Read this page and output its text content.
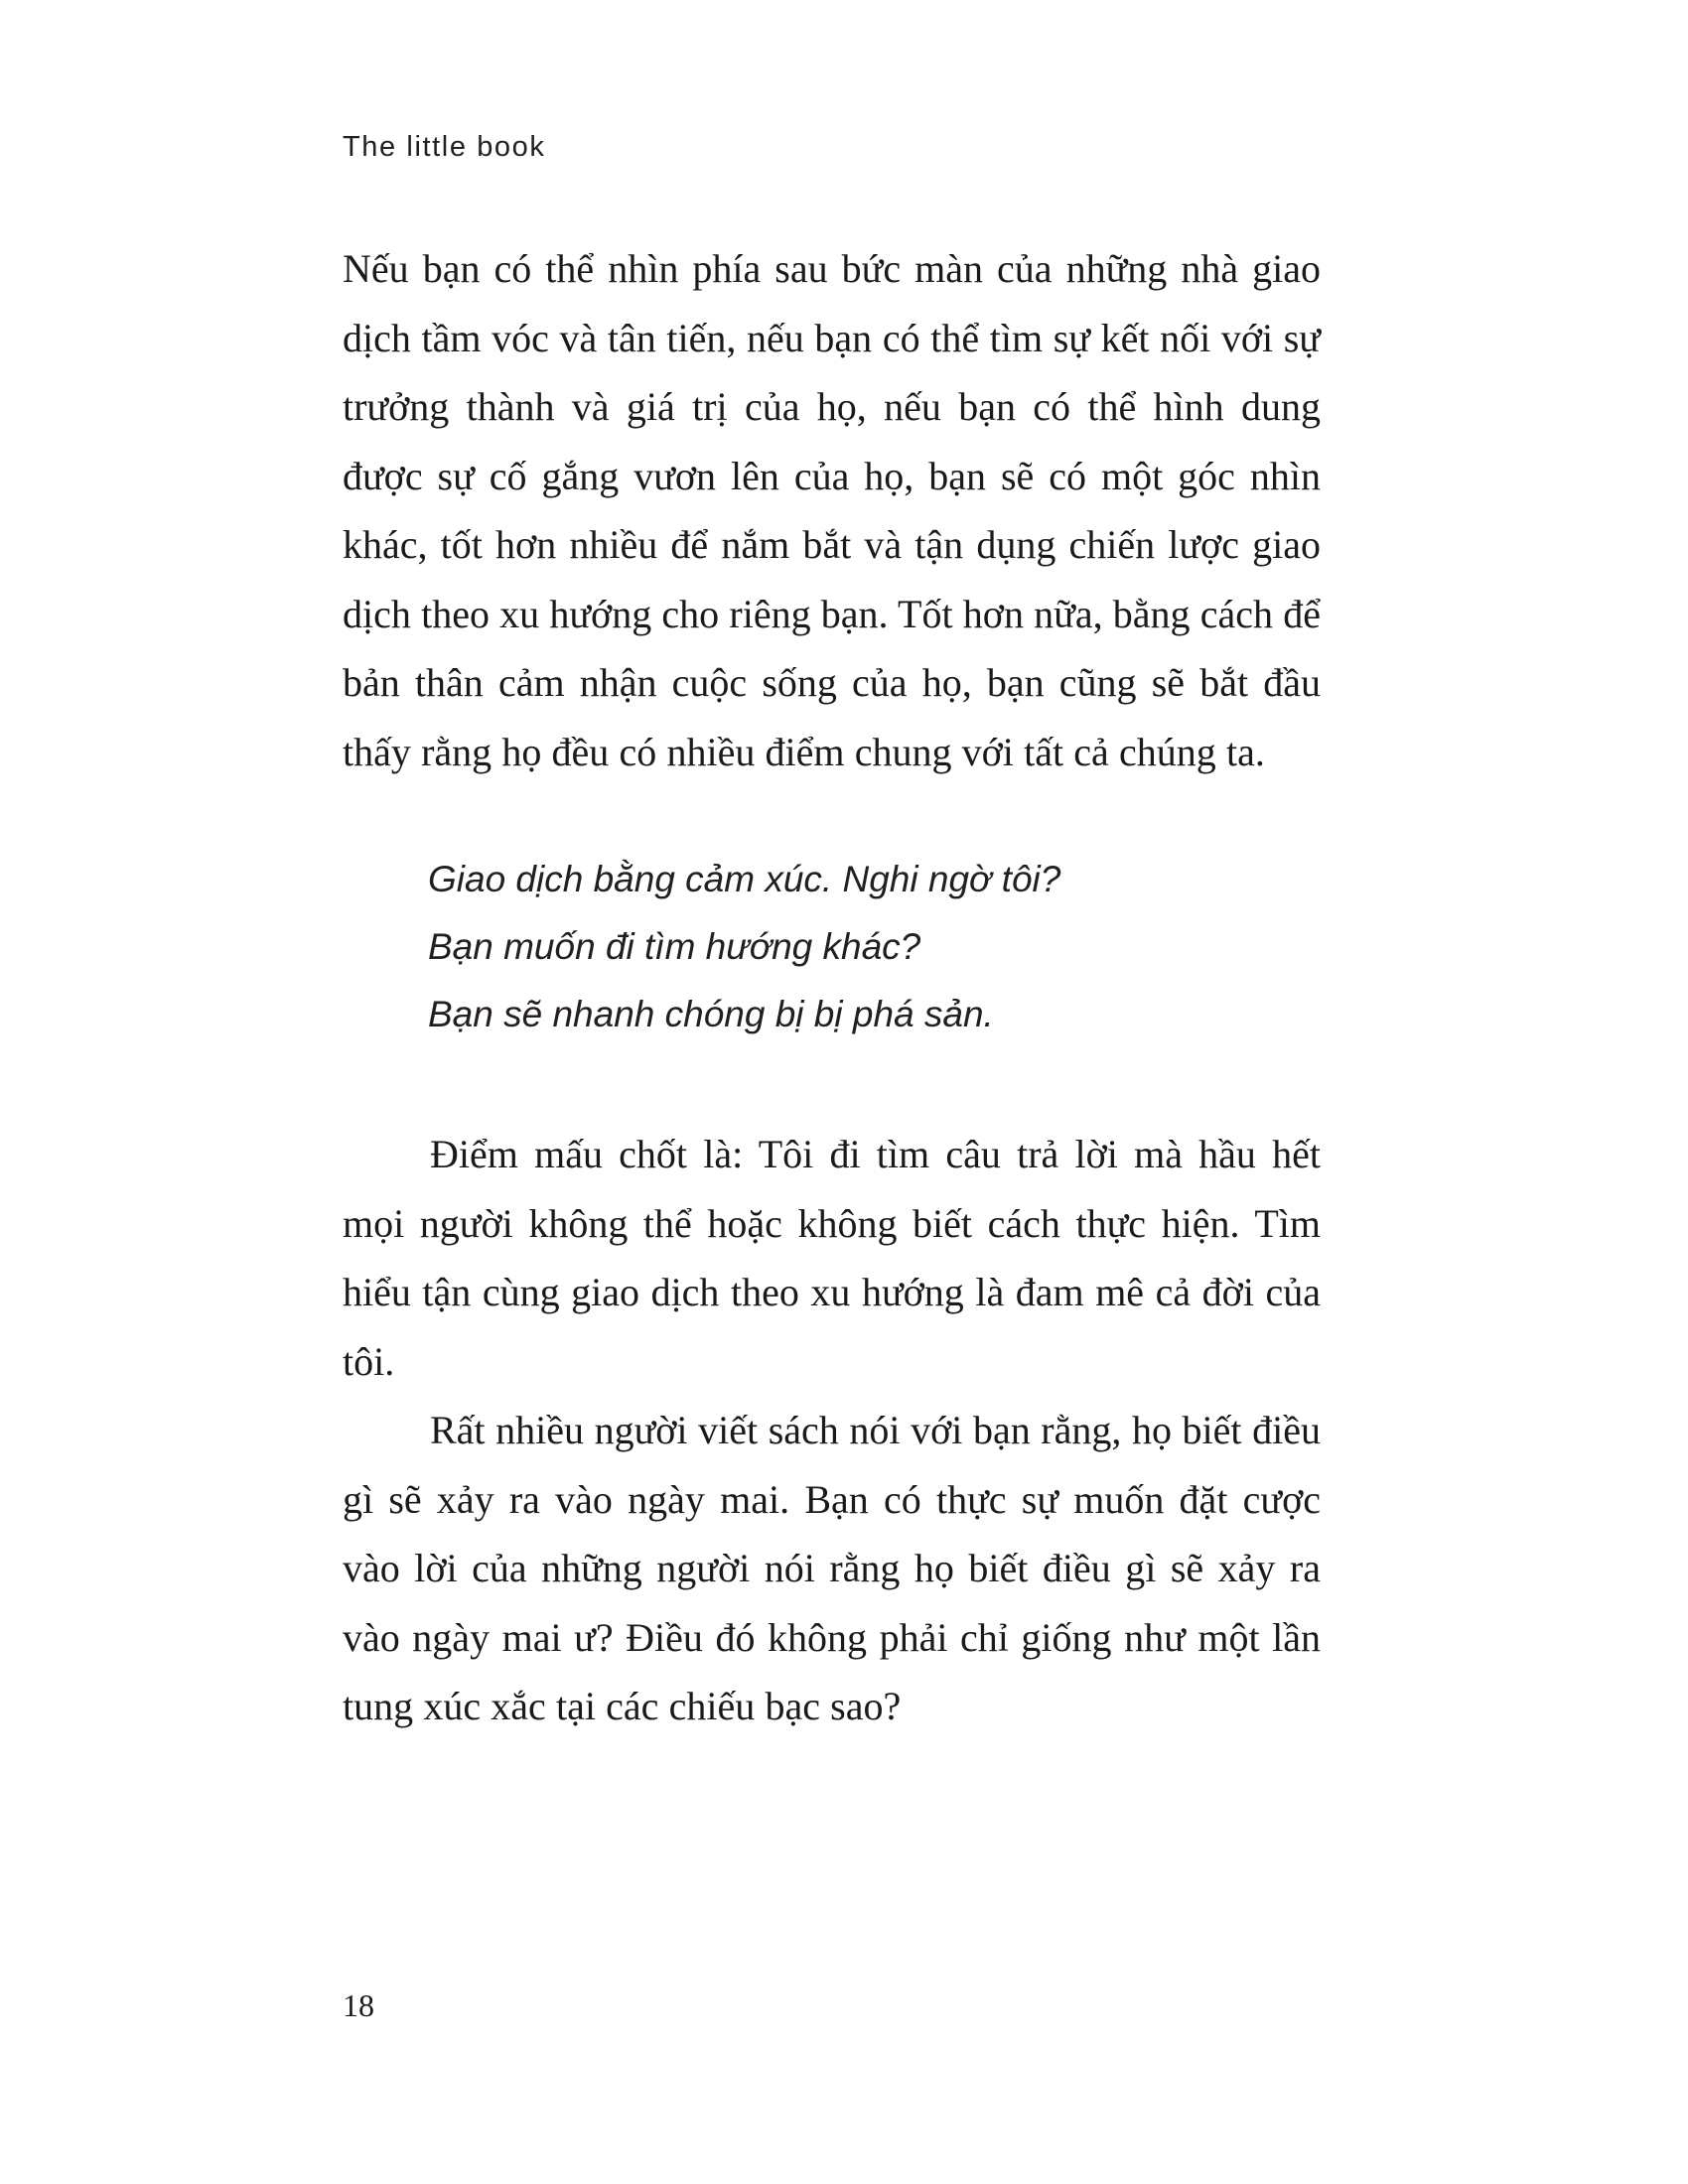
The little book

Nếu bạn có thể nhìn phía sau bức màn của những nhà giao dịch tầm vóc và tân tiến, nếu bạn có thể tìm sự kết nối với sự trưởng thành và giá trị của họ, nếu bạn có thể hình dung được sự cố gắng vươn lên của họ, bạn sẽ có một góc nhìn khác, tốt hơn nhiều để nắm bắt và tận dụng chiến lược giao dịch theo xu hướng cho riêng bạn. Tốt hơn nữa, bằng cách để bản thân cảm nhận cuộc sống của họ, bạn cũng sẽ bắt đầu thấy rằng họ đều có nhiều điểm chung với tất cả chúng ta.

Giao dịch bằng cảm xúc. Nghi ngờ tôi?
Bạn muốn đi tìm hướng khác?
Bạn sẽ nhanh chóng bị bị phá sản.

Điểm mấu chốt là: Tôi đi tìm câu trả lời mà hầu hết mọi người không thể hoặc không biết cách thực hiện. Tìm hiểu tận cùng giao dịch theo xu hướng là đam mê cả đời của tôi.

Rất nhiều người viết sách nói với bạn rằng, họ biết điều gì sẽ xảy ra vào ngày mai. Bạn có thực sự muốn đặt cược vào lời của những người nói rằng họ biết điều gì sẽ xảy ra vào ngày mai ư? Điều đó không phải chỉ giống như một lần tung xúc xắc tại các chiếu bạc sao?

18
